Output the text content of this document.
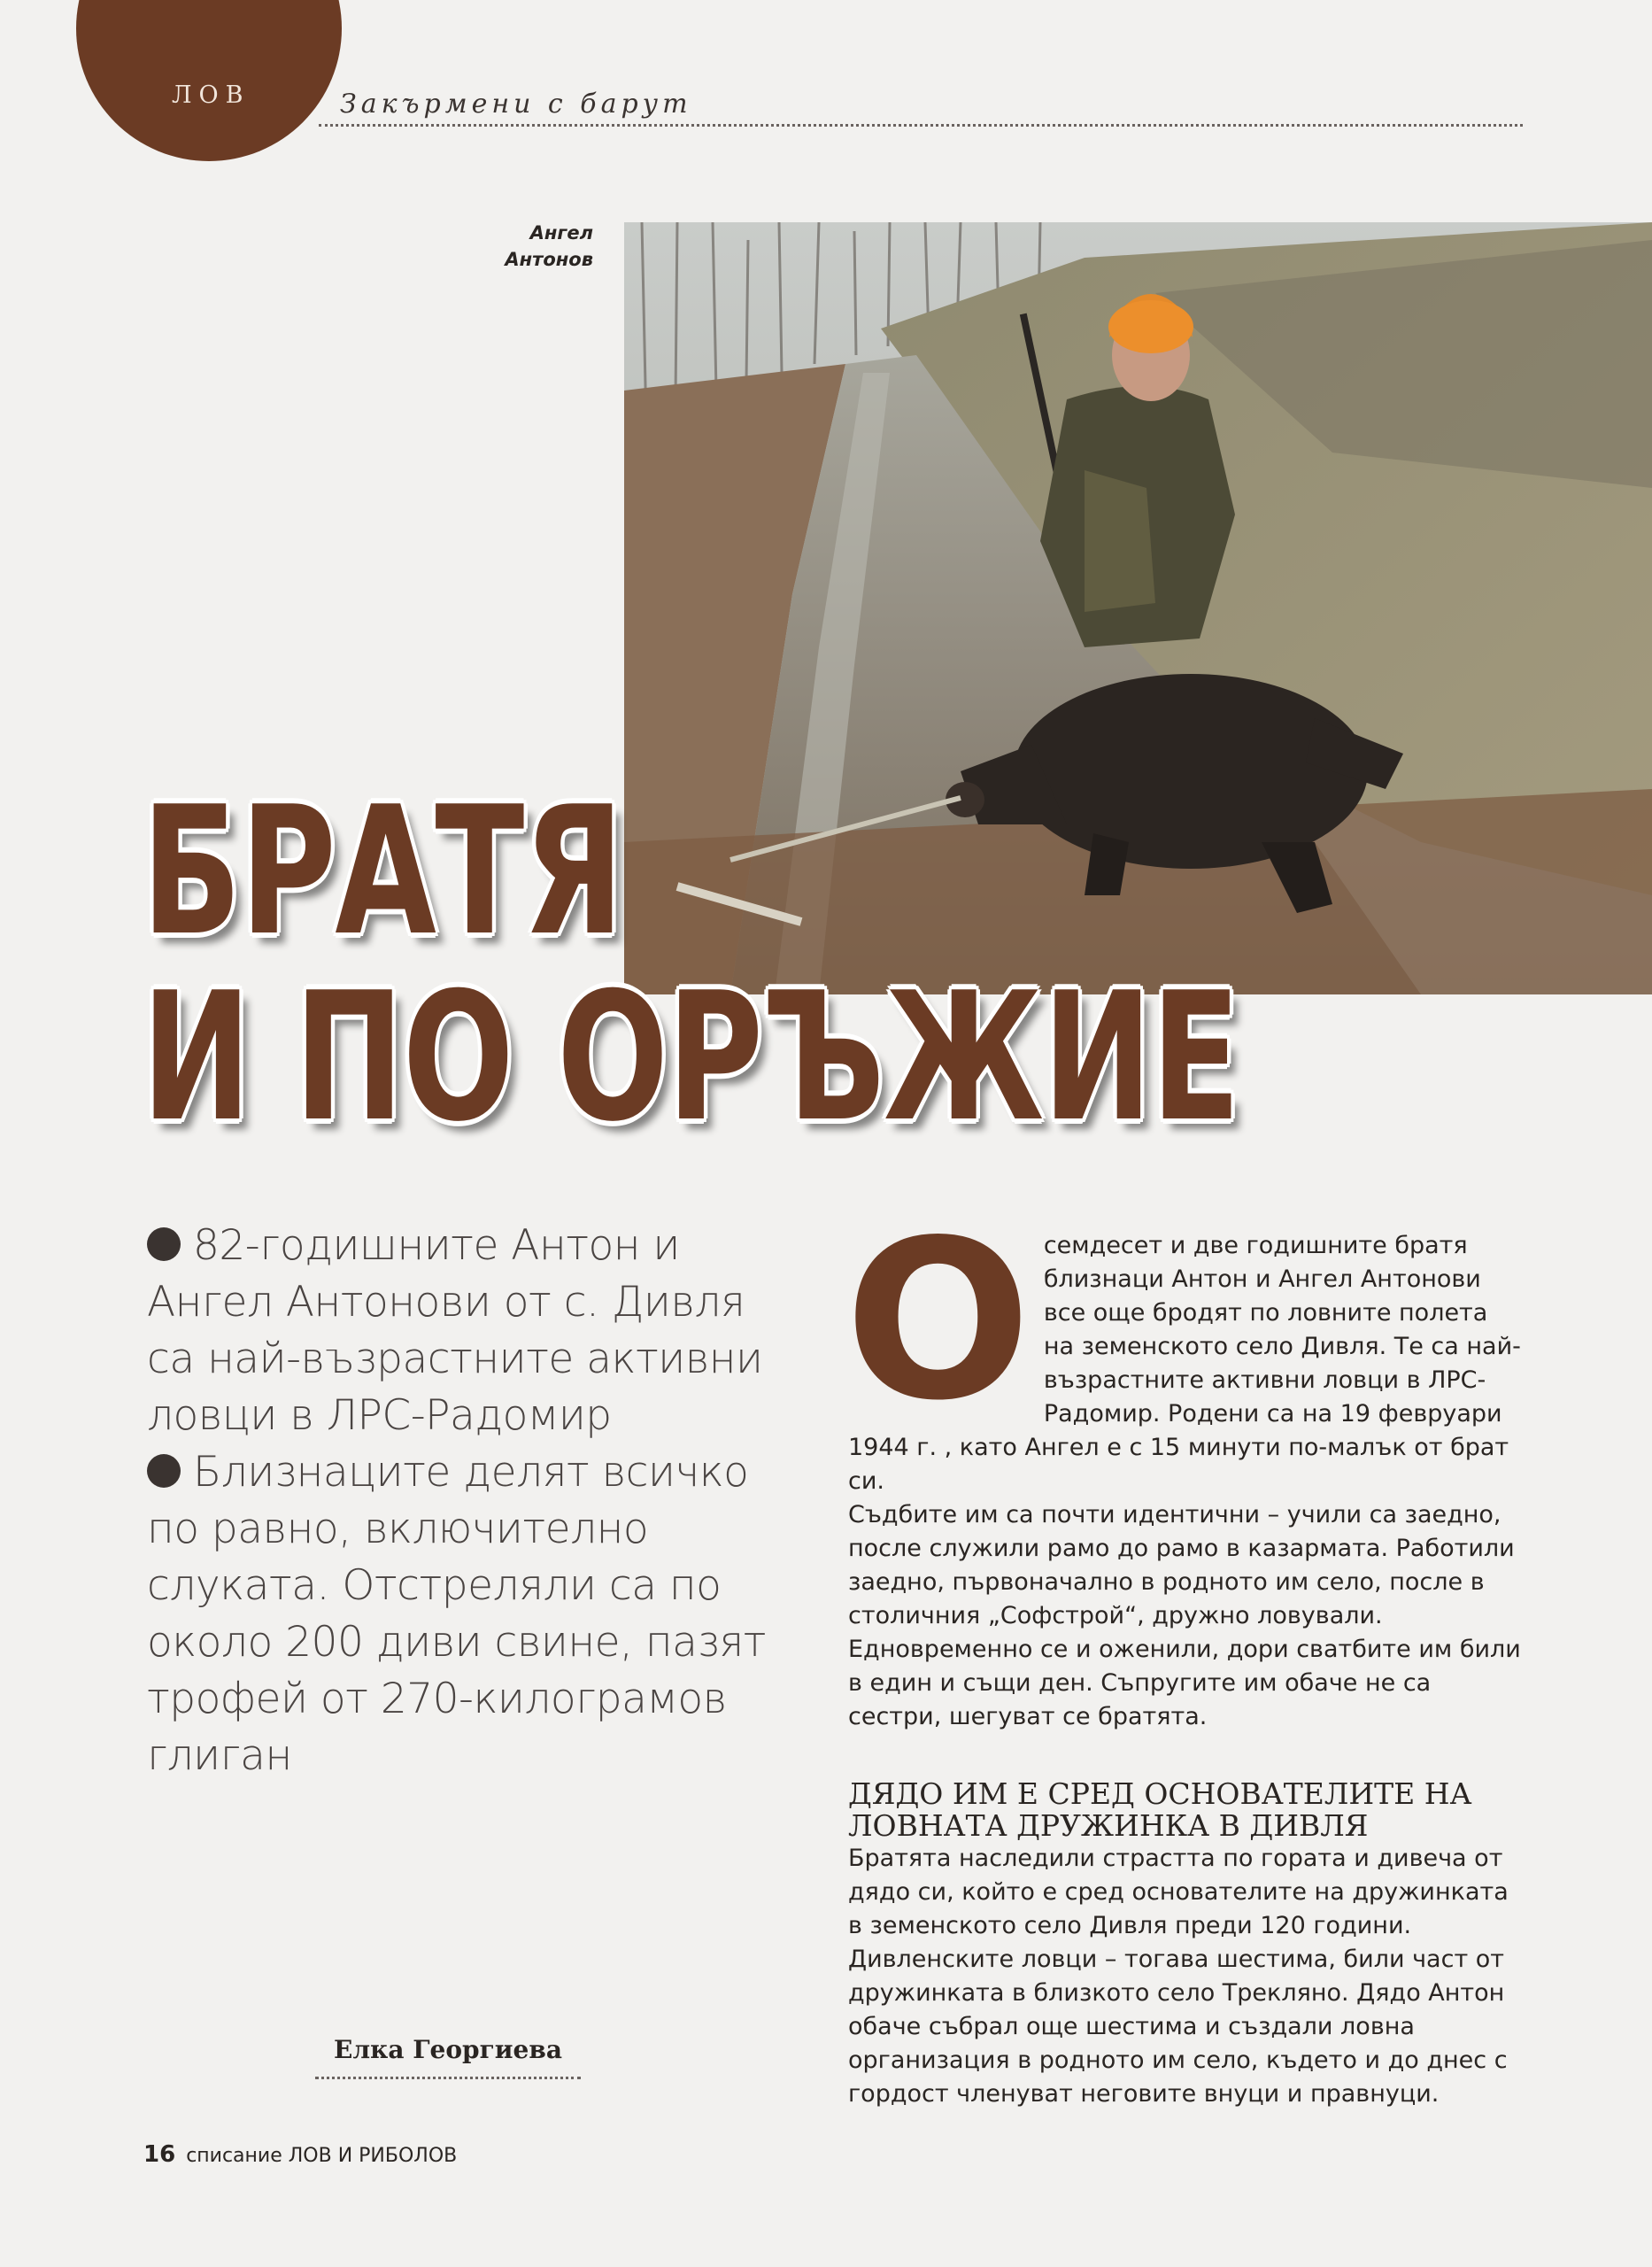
ЛОВ	Закърмени с барут
Ангел
Антонов
БРАТЯ
И ПО ОРЪЖИЕ

82-годишните Антон и Ангел Антонови от с. Дивля са най-възрастните активни ловци в ЛРС-Радомир

Близнаците делят всичко по равно, включително слуката. Отстреляли са по около 200 диви свине, пазят трофей от 270-килограмов глиган

Елка Георгиева

Осемдесет и две годишните братя близнаци Антон и Ангел Антонови все още бродят по ловните полета на земенското село Дивля. Те са най-възрастните активни ловци в ЛРС-Радомир. Родени са на 19 февруари 1944 г. , като Ангел е с 15 минути по-малък от брат си.

Съдбите им са почти идентични – учили са заедно, после служили рамо до рамо в казармата. Работили заедно, първоначално в родното им село, после в столичния „Софстрой“, дружно ловували. Едновременно се и оженили, дори сватбите им били в един и същи ден. Съпругите им обаче не са сестри, шегуват се братята.

ДЯДО ИМ Е СРЕД ОСНОВАТЕЛИТЕ НА ЛОВНАТА ДРУЖИНКА В ДИВЛЯ

Братята наследили страстта по гората и дивеча от дядо си, който е сред основателите на дружинката в земенското село Дивля преди 120 години. Дивленските ловци – тогава шестима, били част от дружинката в близкото село Трекляно. Дядо Антон обаче събрал още шестима и създали ловна организация в родното им село, където и до днес с гордост членуват неговите внуци и правнуци.

16 списание ЛОВ И РИБОЛОВ
